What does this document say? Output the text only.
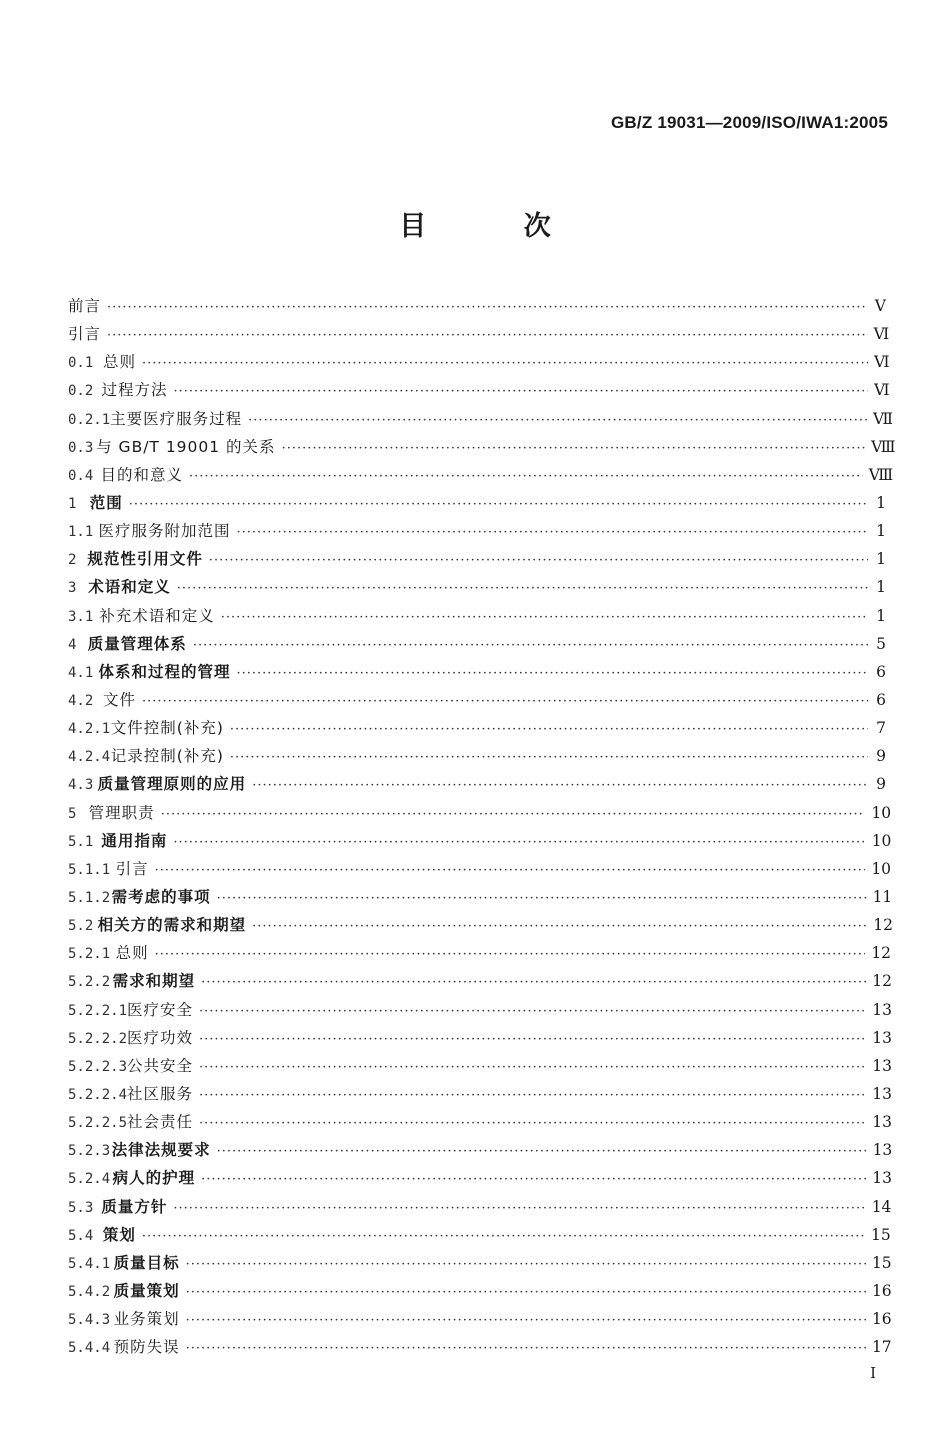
GB/Z 19031—2009/ISO/IWA1:2005
目 次
前言 ·····	Ⅴ
引言 ·····	Ⅵ
0.1 总则 ·····	Ⅵ
0.2 过程方法 ·····	Ⅵ
0.2.1 主要医疗服务过程 ·····	Ⅶ
0.3 与 GB/T 19001 的关系 ·····	Ⅷ
0.4 目的和意义 ·····	Ⅷ
1 范围 ·····	1
1.1 医疗服务附加范围 ·····	1
2 规范性引用文件 ·····	1
3 术语和定义 ·····	1
3.1 补充术语和定义 ·····	1
4 质量管理体系 ·····	5
4.1 体系和过程的管理 ·····	6
4.2 文件 ·····	6
4.2.1 文件控制(补充) ·····	7
4.2.4 记录控制(补充) ·····	9
4.3 质量管理原则的应用 ·····	9
5 管理职责 ·····	10
5.1 通用指南 ·····	10
5.1.1 引言 ·····	10
5.1.2 需考虑的事项 ·····	11
5.2 相关方的需求和期望 ·····	12
5.2.1 总则 ·····	12
5.2.2 需求和期望 ·····	12
5.2.2.1 医疗安全 ·····	13
5.2.2.2 医疗功效 ·····	13
5.2.2.3 公共安全 ·····	13
5.2.2.4 社区服务 ·····	13
5.2.2.5 社会责任 ·····	13
5.2.3 法律法规要求 ·····	13
5.2.4 病人的护理 ·····	13
5.3 质量方针 ·····	14
5.4 策划 ·····	15
5.4.1 质量目标 ·····	15
5.4.2 质量策划 ·····	16
5.4.3 业务策划 ·····	16
5.4.4 预防失误 ·····	17
I
